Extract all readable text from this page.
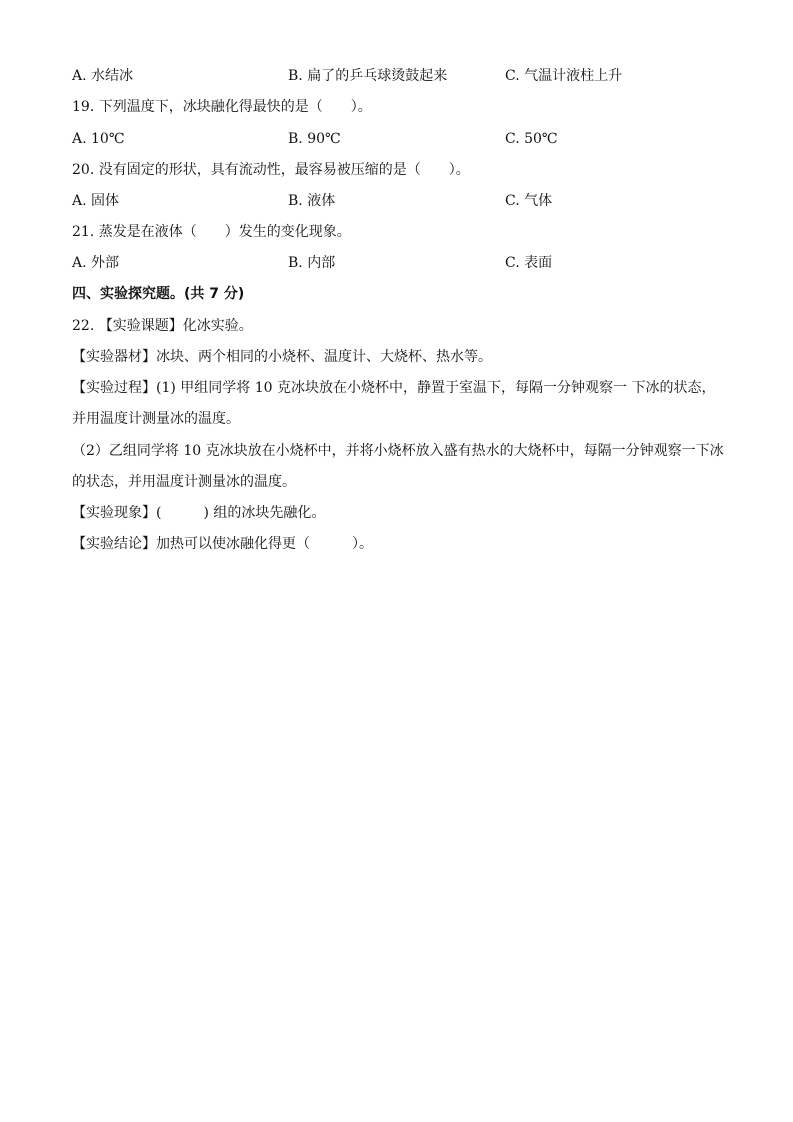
A. 水结冰	B. 扁了的乒乓球烫鼓起来	C. 气温计液柱上升
19. 下列温度下，冰块融化得最快的是（　　）。
A. 10℃	B. 90℃	C. 50℃
20. 没有固定的形状，具有流动性，最容易被压缩的是（　　）。
A. 固体	B. 液体	C. 气体
21. 蒸发是在液体（　　）发生的变化现象。
A. 外部	B. 内部	C. 表面
四、实验探究题。(共 7 分)
22. 【实验课题】化冰实验。
【实验器材】冰块、两个相同的小烧杯、温度计、大烧杯、热水等。
【实验过程】(1) 甲组同学将 10 克冰块放在小烧杯中，静置于室温下，每隔一分钟观察一 下冰的状态，
并用温度计测量冰的温度。
（2）乙组同学将 10 克冰块放在小烧杯中，并将小烧杯放入盛有热水的大烧杯中，每隔一分钟观察一下冰
的状态，并用温度计测量冰的温度。
【实验现象】(　　　) 组的冰块先融化。
【实验结论】加热可以使冰融化得更（　　　）。
